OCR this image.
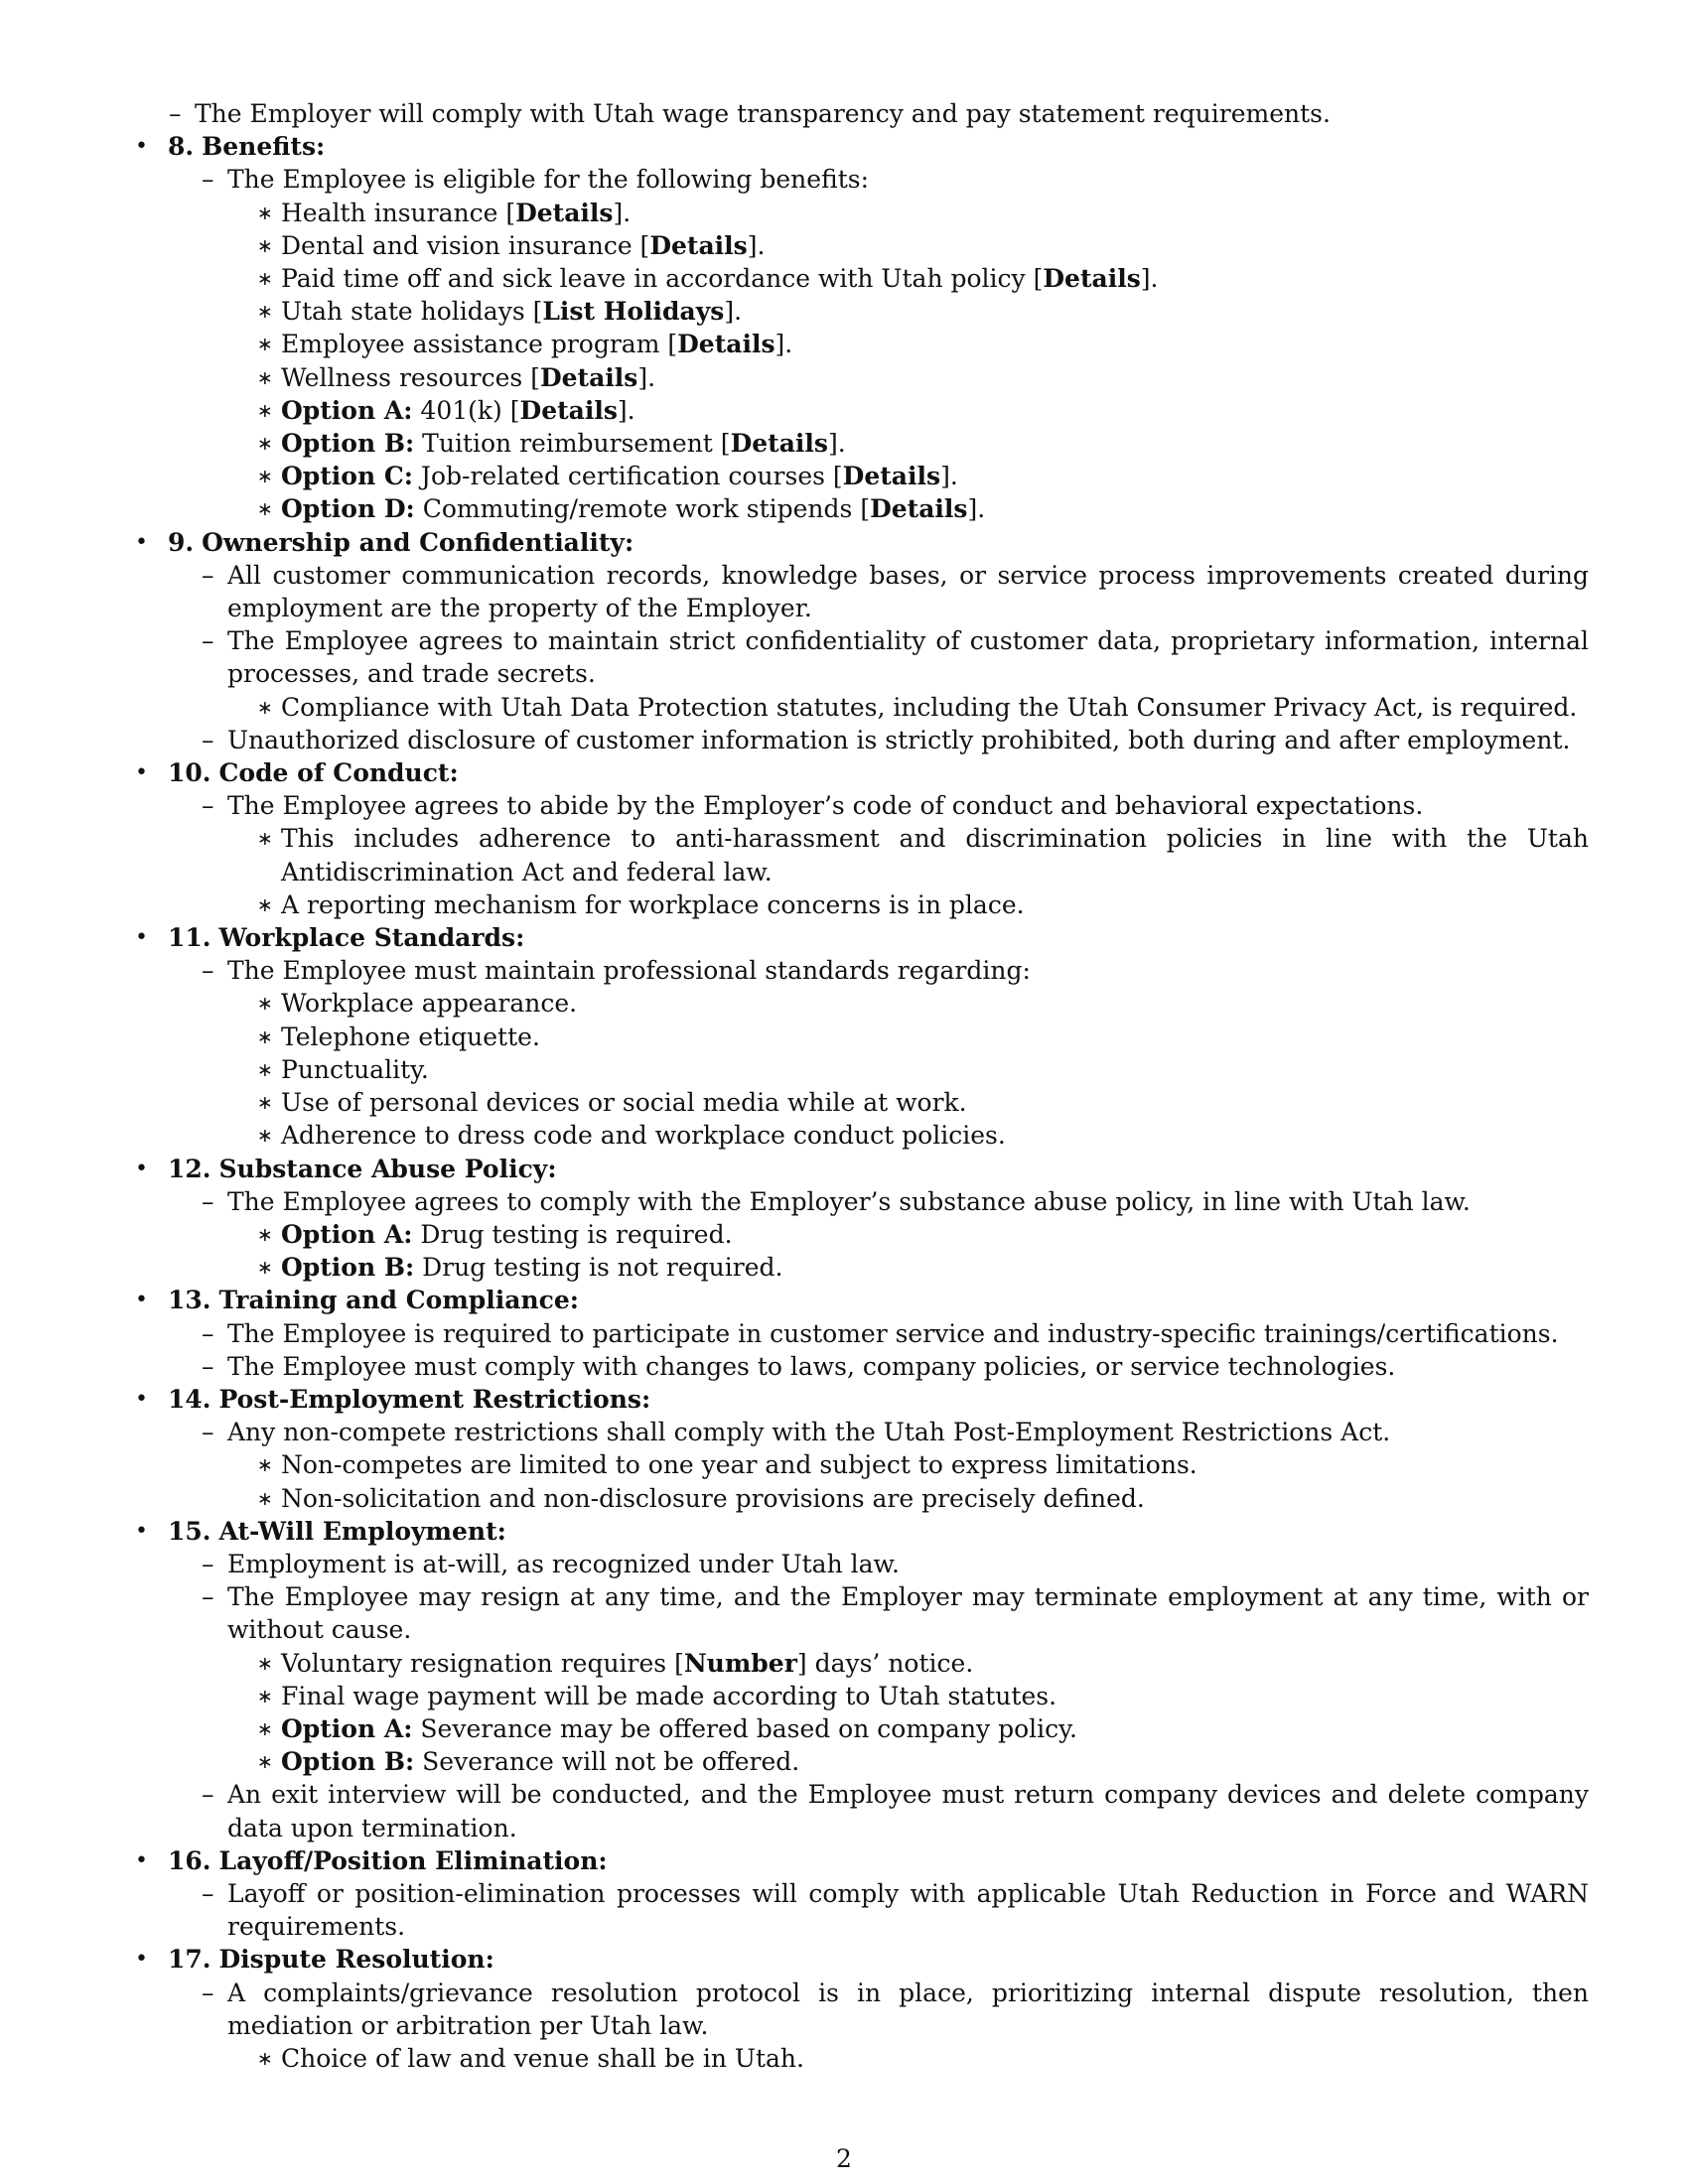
– The Employer will comply with Utah wage transparency and pay statement requirements.
• 8. Benefits:
– The Employee is eligible for the following benefits:
∗ Health insurance [Details].
∗ Dental and vision insurance [Details].
∗ Paid time off and sick leave in accordance with Utah policy [Details].
∗ Utah state holidays [List Holidays].
∗ Employee assistance program [Details].
∗ Wellness resources [Details].
∗ Option A: 401(k) [Details].
∗ Option B: Tuition reimbursement [Details].
∗ Option C: Job-related certification courses [Details].
∗ Option D: Commuting/remote work stipends [Details].
• 9. Ownership and Confidentiality:
– All customer communication records, knowledge bases, or service process improvements created during employment are the property of the Employer.
– The Employee agrees to maintain strict confidentiality of customer data, proprietary information, internal processes, and trade secrets.
∗ Compliance with Utah Data Protection statutes, including the Utah Consumer Privacy Act, is required.
– Unauthorized disclosure of customer information is strictly prohibited, both during and after employment.
• 10. Code of Conduct:
– The Employee agrees to abide by the Employer’s code of conduct and behavioral expectations.
∗ This includes adherence to anti-harassment and discrimination policies in line with the Utah Antidiscrimination Act and federal law.
∗ A reporting mechanism for workplace concerns is in place.
• 11. Workplace Standards:
– The Employee must maintain professional standards regarding:
∗ Workplace appearance.
∗ Telephone etiquette.
∗ Punctuality.
∗ Use of personal devices or social media while at work.
∗ Adherence to dress code and workplace conduct policies.
• 12. Substance Abuse Policy:
– The Employee agrees to comply with the Employer’s substance abuse policy, in line with Utah law.
∗ Option A: Drug testing is required.
∗ Option B: Drug testing is not required.
• 13. Training and Compliance:
– The Employee is required to participate in customer service and industry-specific trainings/certifications.
– The Employee must comply with changes to laws, company policies, or service technologies.
• 14. Post-Employment Restrictions:
– Any non-compete restrictions shall comply with the Utah Post-Employment Restrictions Act.
∗ Non-competes are limited to one year and subject to express limitations.
∗ Non-solicitation and non-disclosure provisions are precisely defined.
• 15. At-Will Employment:
– Employment is at-will, as recognized under Utah law.
– The Employee may resign at any time, and the Employer may terminate employment at any time, with or without cause.
∗ Voluntary resignation requires [Number] days’ notice.
∗ Final wage payment will be made according to Utah statutes.
∗ Option A: Severance may be offered based on company policy.
∗ Option B: Severance will not be offered.
– An exit interview will be conducted, and the Employee must return company devices and delete company data upon termination.
• 16. Layoff/Position Elimination:
– Layoff or position-elimination processes will comply with applicable Utah Reduction in Force and WARN requirements.
• 17. Dispute Resolution:
– A complaints/grievance resolution protocol is in place, prioritizing internal dispute resolution, then mediation or arbitration per Utah law.
∗ Choice of law and venue shall be in Utah.
2
